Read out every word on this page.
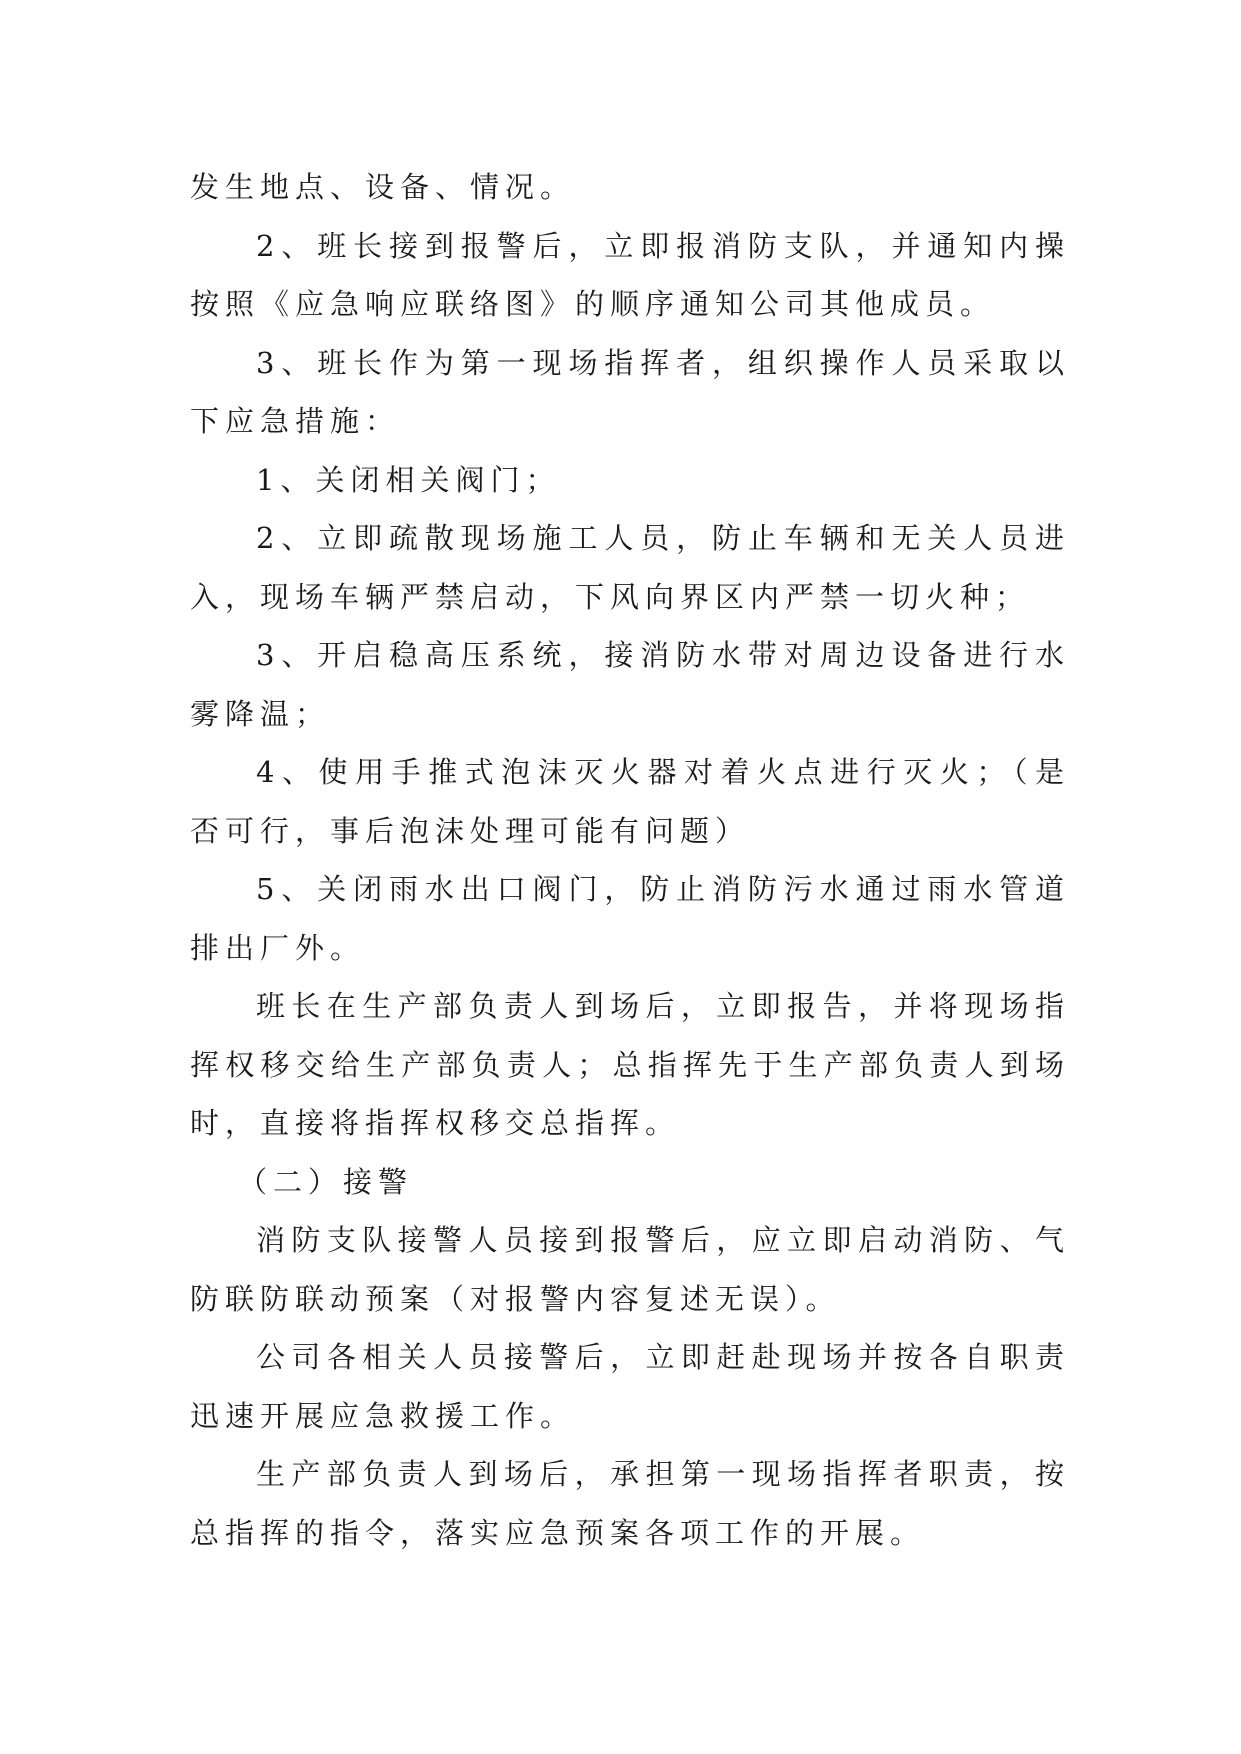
发生地点、设备、情况。

2、班长接到报警后，立即报消防支队，并通知内操按照《应急响应联络图》的顺序通知公司其他成员。

3、班长作为第一现场指挥者，组织操作人员采取以下应急措施：

1、关闭相关阀门；

2、立即疏散现场施工人员，防止车辆和无关人员进入，现场车辆严禁启动，下风向界区内严禁一切火种；

3、开启稳高压系统，接消防水带对周边设备进行水雾降温；

4、使用手推式泡沫灭火器对着火点进行灭火；（是否可行，事后泡沫处理可能有问题）

5、关闭雨水出口阀门，防止消防污水通过雨水管道排出厂外。

班长在生产部负责人到场后，立即报告，并将现场指挥权移交给生产部负责人；总指挥先于生产部负责人到场时，直接将指挥权移交总指挥。

（二）接警

消防支队接警人员接到报警后，应立即启动消防、气防联防联动预案（对报警内容复述无误）。

公司各相关人员接警后，立即赶赴现场并按各自职责迅速开展应急救援工作。

生产部负责人到场后，承担第一现场指挥者职责，按总指挥的指令，落实应急预案各项工作的开展。
